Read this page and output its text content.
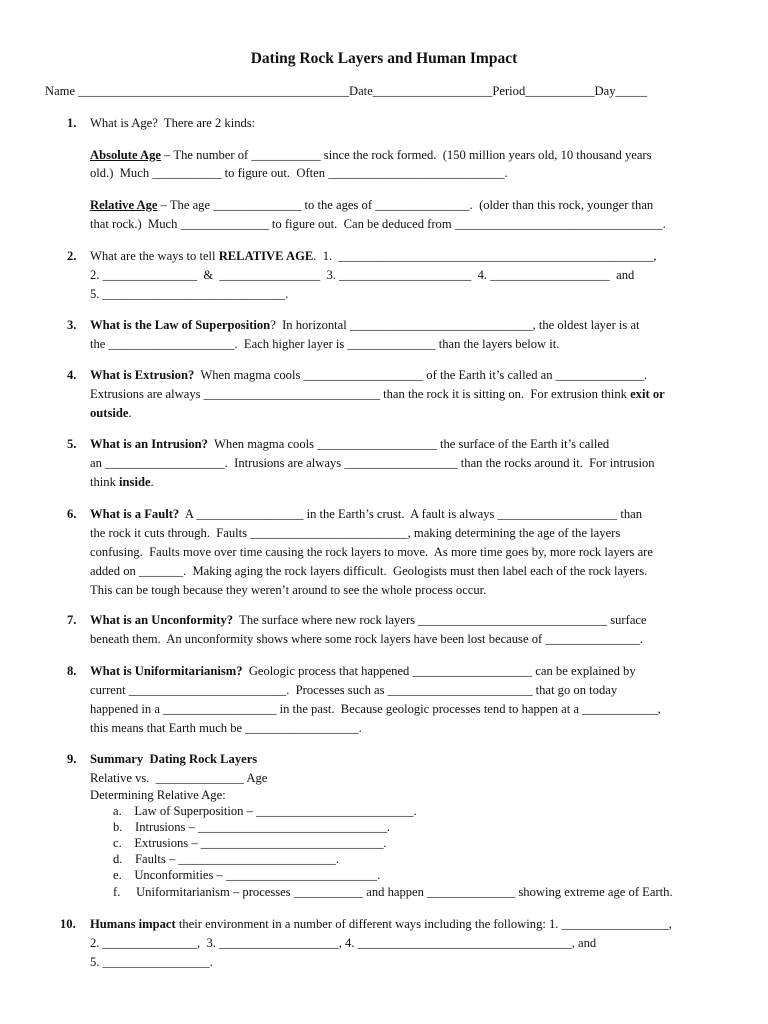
Dating Rock Layers and Human Impact
Name ___________________________________________Date___________________Period___________Day_____
1. What is Age?  There are 2 kinds:
Absolute Age – The number of ___________ since the rock formed.  (150 million years old, 10 thousand years
old.)  Much ___________ to figure out.  Often ____________________________.
Relative Age – The age ______________ to the ages of _______________.  (older than this rock, younger than
that rock.)  Much ______________ to figure out.  Can be deduced from _________________________________.
2. What are the ways to tell RELATIVE AGE.  1.  __________________________________________________,
2. _______________  &  ________________  3. _____________________  4. ___________________  and
5. _____________________________.
3. What is the Law of Superposition?  In horizontal _____________________________, the oldest layer is at
the ____________________.  Each higher layer is ______________ than the layers below it.
4. What is Extrusion?  When magma cools ___________________ of the Earth it’s called an ______________.
Extrusions are always ____________________________ than the rock it is sitting on.  For extrusion think exit or
outside.
5. What is an Intrusion?  When magma cools ___________________ the surface of the Earth it’s called
an ___________________.  Intrusions are always __________________ than the rocks around it.  For intrusion
think inside.
6. What is a Fault?  A _________________ in the Earth’s crust.  A fault is always ___________________ than
the rock it cuts through.  Faults _________________________, making determining the age of the layers
confusing.  Faults move over time causing the rock layers to move.  As more time goes by, more rock layers are
added on _______.  Making aging the rock layers difficult.  Geologists must then label each of the rock layers.
This can be tough because they weren’t around to see the whole process occur.
7. What is an Unconformity?  The surface where new rock layers ______________________________ surface
beneath them.  An unconformity shows where some rock layers have been lost because of _______________.
8. What is Uniformitarianism?  Geologic process that happened ___________________ can be explained by
current _________________________.  Processes such as _______________________ that go on today
happened in a __________________ in the past.  Because geologic processes tend to happen at a ____________,
this means that Earth much be __________________.
9. Summary  Dating Rock Layers
Relative vs.  ______________ Age
Determining Relative Age:
a.    Law of Superposition – _________________________.
b.    Intrusions – ______________________________.
c.    Extrusions – _____________________________.
d.    Faults – _________________________.
e.    Unconformities – ________________________.
f.     Uniformitarianism – processes ___________ and happen ______________ showing extreme age of Earth.
10. Humans impact their environment in a number of different ways including the following: 1. _________________,
2. _______________,  3. ___________________, 4. __________________________________, and
5. _________________.
